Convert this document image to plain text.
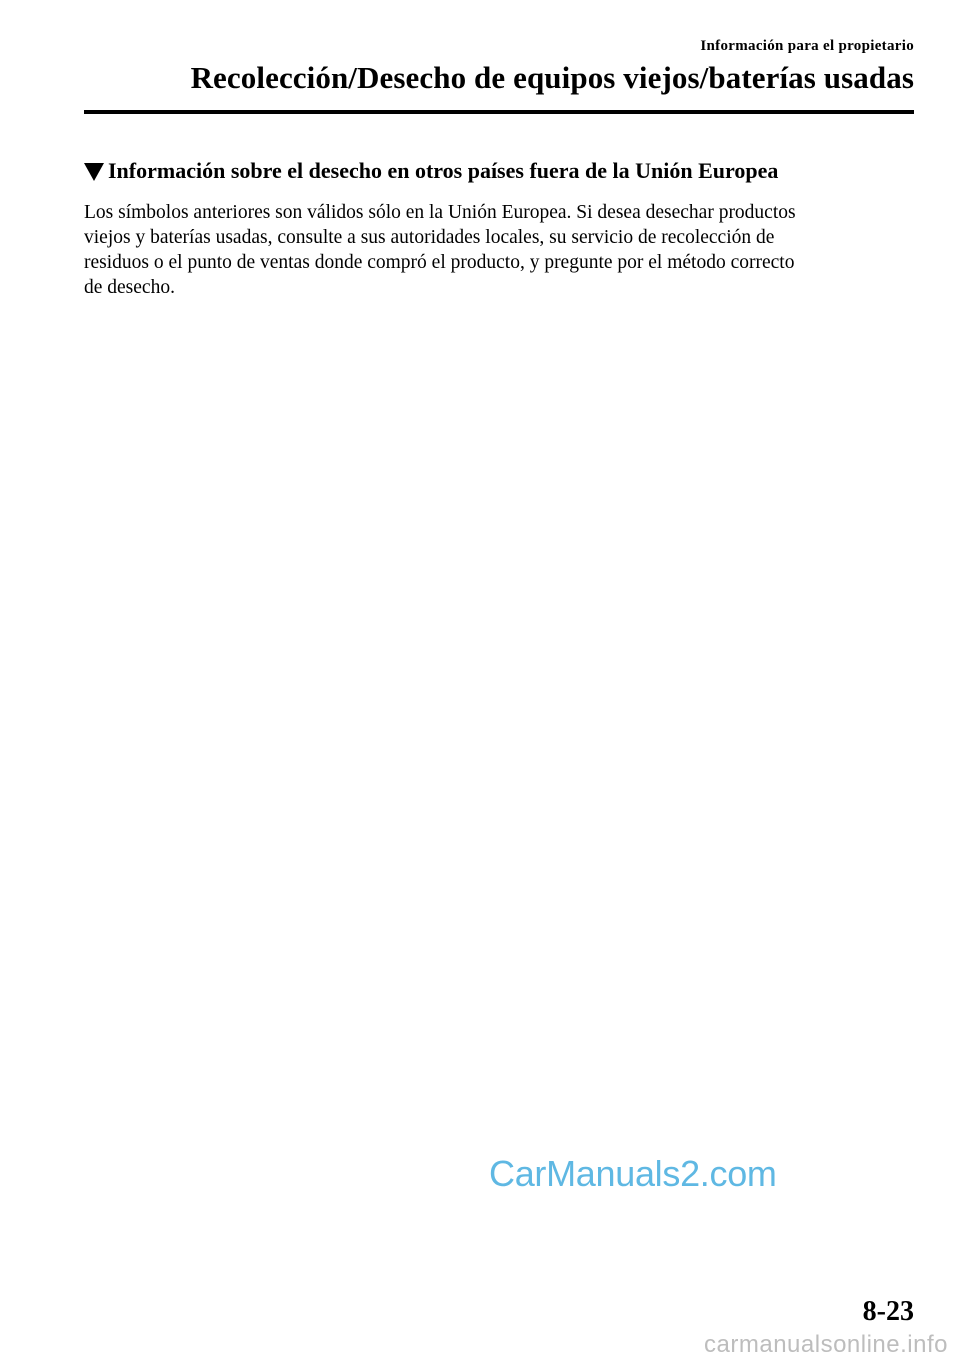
Información para el propietario
Recolección/Desecho de equipos viejos/baterías usadas
Información sobre el desecho en otros países fuera de la Unión Europea
Los símbolos anteriores son válidos sólo en la Unión Europea. Si desea desechar productos
viejos y baterías usadas, consulte a sus autoridades locales, su servicio de recolección de
residuos o el punto de ventas donde compró el producto, y pregunte por el método correcto
de desecho.
CarManuals2.com
8-23
carmanualsonline.info
